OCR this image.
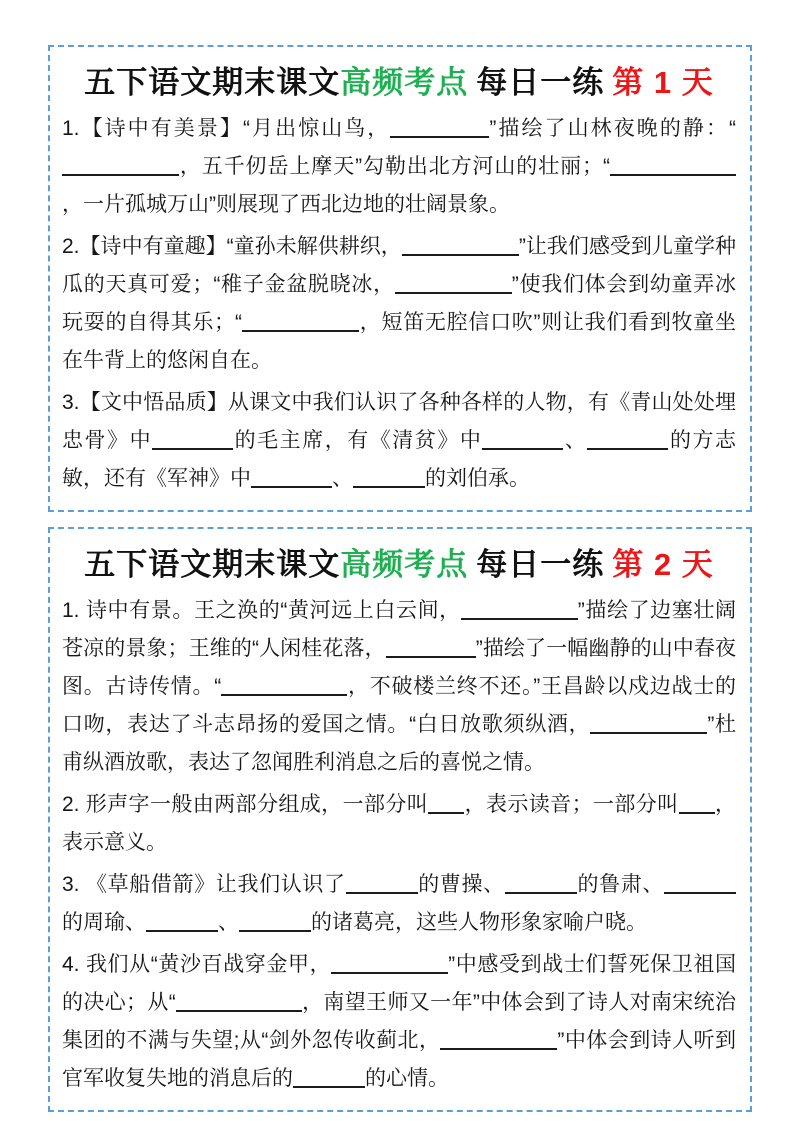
五下语文期末课文高频考点 每日一练 第 1 天

1.【诗中有美景】“月出惊山鸟，	”描绘了山林夜晚的静：“，五千仞岳上摩天”勾勒出北方河山的壮丽；“，一片孤城万山”则展现了西北边地的壮阔景象。

2.【诗中有童趣】“童孙未解供耕织，	”让我们感受到儿童学种瓜的天真可爱；“稚子金盆脱晓冰，	”使我们体会到幼童弄冰玩耍的自得其乐；“	，短笛无腔信口吹”则让我们看到牧童坐在牛背上的悠闲自在。

3.【文中悟品质】从课文中我们认识了各种各样的人物，有《青山处处埋忠骨》中	的毛主席，有《清贫》中	、	的方志敏，还有《军神》中	、	的刘伯承。

五下语文期末课文高频考点 每日一练 第 2 天

1. 诗中有景。王之涣的“黄河远上白云间，	”描绘了边塞壮阔苍凉的景象；王维的“人闲桂花落，	”描绘了一幅幽静的山中春夜图。古诗传情。“	，不破楼兰终不还。”王昌龄以戍边战士的口吻，表达了斗志昂扬的爱国之情。“白日放歌须纵酒，	”杜甫纵酒放歌，表达了忽闻胜利消息之后的喜悦之情。

2. 形声字一般由两部分组成，一部分叫 ，表示读音；一部分叫 ，表示意义。

3. 《草船借箭》让我们认识了	的曹操、	的鲁肃、的周瑜、	、	的诸葛亮，这些人物形象家喻户晓。

4. 我们从“黄沙百战穿金甲，	”中感受到战士们誓死保卫祖国的决心；从“	，南望王师又一年”中体会到了诗人对南宋统治集团的不满与失望;从“剑外忽传收蓟北，	”中体会到诗人听到官军收复失地的消息后的	的心情。
